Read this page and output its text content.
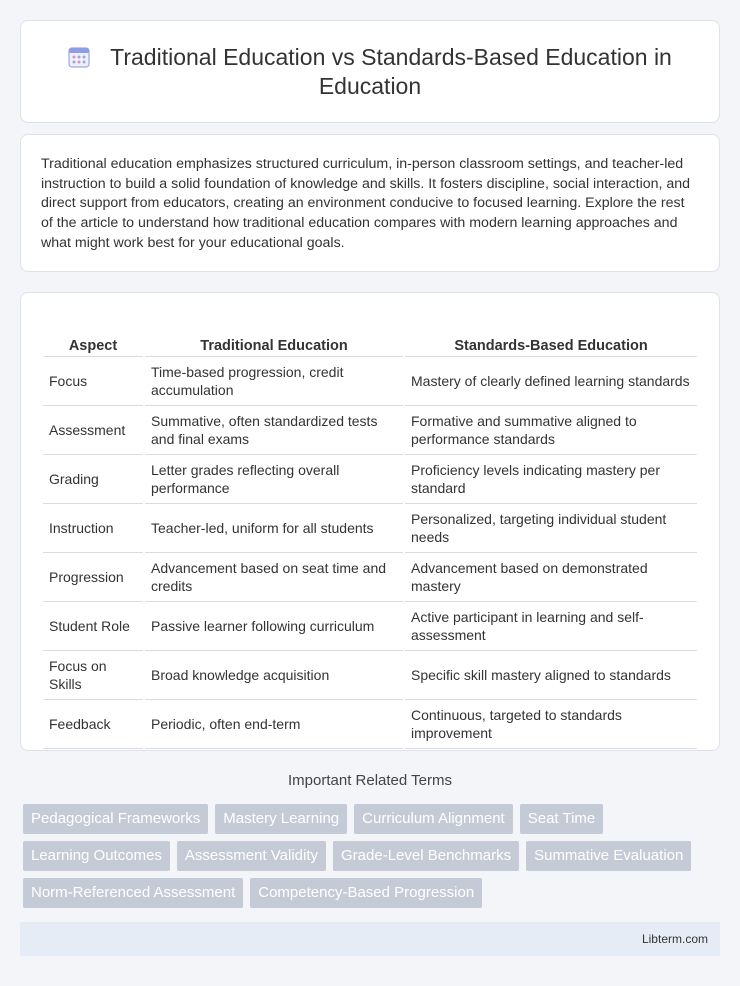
Traditional Education vs Standards-Based Education in Education

Traditional education emphasizes structured curriculum, in-person classroom settings, and teacher-led instruction to build a solid foundation of knowledge and skills. It fosters discipline, social interaction, and direct support from educators, creating an environment conducive to focused learning. Explore the rest of the article to understand how traditional education compares with modern learning approaches and what might work best for your educational goals.

Aspect	Traditional Education	Standards-Based Education
Focus	Time-based progression, credit accumulation	Mastery of clearly defined learning standards
Assessment	Summative, often standardized tests and final exams	Formative and summative aligned to performance standards
Grading	Letter grades reflecting overall performance	Proficiency levels indicating mastery per standard
Instruction	Teacher-led, uniform for all students	Personalized, targeting individual student needs
Progression	Advancement based on seat time and credits	Advancement based on demonstrated mastery
Student Role	Passive learner following curriculum	Active participant in learning and self-assessment
Focus on Skills	Broad knowledge acquisition	Specific skill mastery aligned to standards
Feedback	Periodic, often end-term	Continuous, targeted to standards improvement
Important Related Terms
Pedagogical Frameworks	Mastery Learning	Curriculum Alignment	Seat Time
Learning Outcomes	Assessment Validity	Grade-Level Benchmarks	Summative Evaluation
Norm-Referenced Assessment	Competency-Based Progression
Libterm.com
